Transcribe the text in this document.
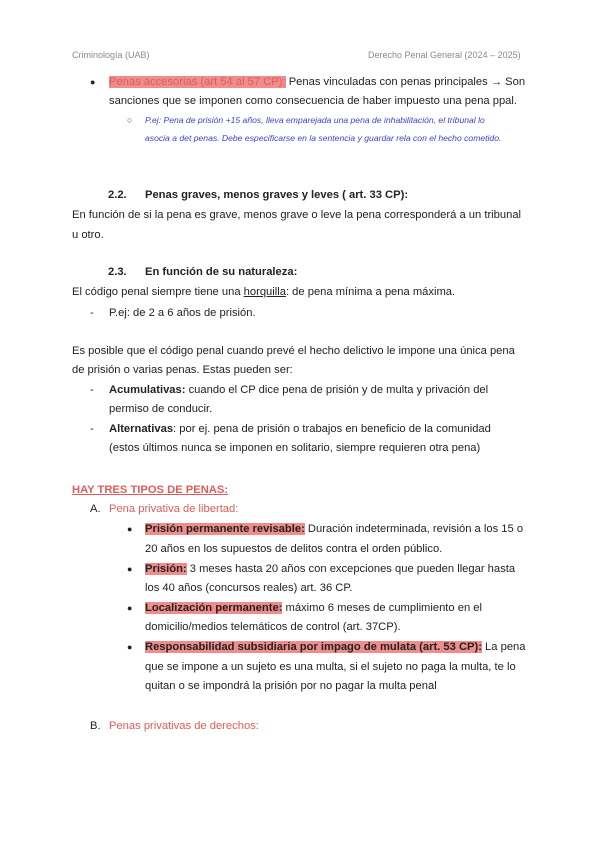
Criminología (UAB)	Derecho Penal General (2024 – 2025)
● Penas accesorias (art 54 al 57 CP): Penas vinculadas con penas principales → Son
sanciones que se imponen como consecuencia de haber impuesto una pena ppal.
○ P.ej: Pena de prisión +15 años, lleva emparejada una pena de inhabilitación, el tribunal lo
asocia a det penas. Debe especificarse en la sentencia y guardar rela con el hecho cometido.
2.2. Penas graves, menos graves y leves ( art. 33 CP):
En función de si la pena es grave, menos grave o leve la pena corresponderá a un tribunal
u otro.
2.3. En función de su naturaleza:
El código penal siempre tiene una horquilla: de pena mínima a pena máxima.
- P.ej: de 2 a 6 años de prisión.
Es posible que el código penal cuando prevé el hecho delictivo le impone una única pena
de prisión o varias penas. Estas pueden ser:
- Acumulativas: cuando el CP dice pena de prisión y de multa y privación del
permiso de conducir.
- Alternativas: por ej. pena de prisión o trabajos en beneficio de la comunidad
(estos últimos nunca se imponen en solitario, siempre requieren otra pena)
HAY TRES TIPOS DE PENAS:
A. Pena privativa de libertad:
● Prisión permanente revisable: Duración indeterminada, revisión a los 15 o
20 años en los supuestos de delitos contra el orden público.
● Prisión: 3 meses hasta 20 años con excepciones que pueden llegar hasta
los 40 años (concursos reales) art. 36 CP.
● Localización permanente: máximo 6 meses de cumplimiento en el
domicilio/medios telemáticos de control (art. 37CP).
● Responsabilidad subsidiaria por impago de mulata (art. 53 CP): La pena
que se impone a un sujeto es una multa, si el sujeto no paga la multa, te lo
quitan o se impondrá la prisión por no pagar la multa penal
B. Penas privativas de derechos:
